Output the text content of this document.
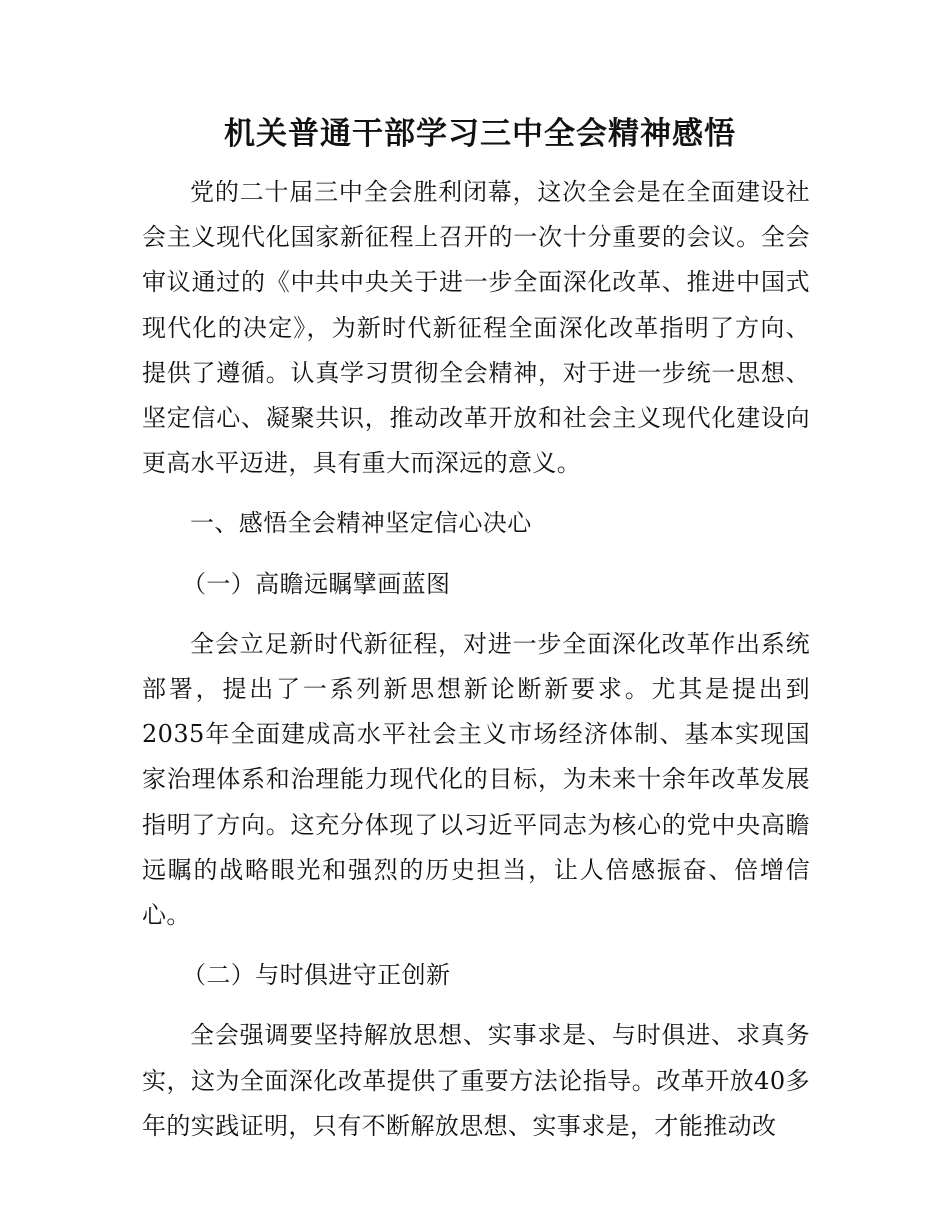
机关普通干部学习三中全会精神感悟

党的二十届三中全会胜利闭幕，这次全会是在全面建设社会主义现代化国家新征程上召开的一次十分重要的会议。全会审议通过的《中共中央关于进一步全面深化改革、推进中国式现代化的决定》，为新时代新征程全面深化改革指明了方向、提供了遵循。认真学习贯彻全会精神，对于进一步统一思想、坚定信心、凝聚共识，推动改革开放和社会主义现代化建设向更高水平迈进，具有重大而深远的意义。

一、感悟全会精神坚定信心决心

（一）高瞻远瞩擘画蓝图

全会立足新时代新征程，对进一步全面深化改革作出系统部署，提出了一系列新思想新论断新要求。尤其是提出到2035年全面建成高水平社会主义市场经济体制、基本实现国家治理体系和治理能力现代化的目标，为未来十余年改革发展指明了方向。这充分体现了以习近平同志为核心的党中央高瞻远瞩的战略眼光和强烈的历史担当，让人倍感振奋、倍增信心。

（二）与时俱进守正创新

全会强调要坚持解放思想、实事求是、与时俱进、求真务实，这为全面深化改革提供了重要方法论指导。改革开放40多年的实践证明，只有不断解放思想、实事求是，才能推动改
